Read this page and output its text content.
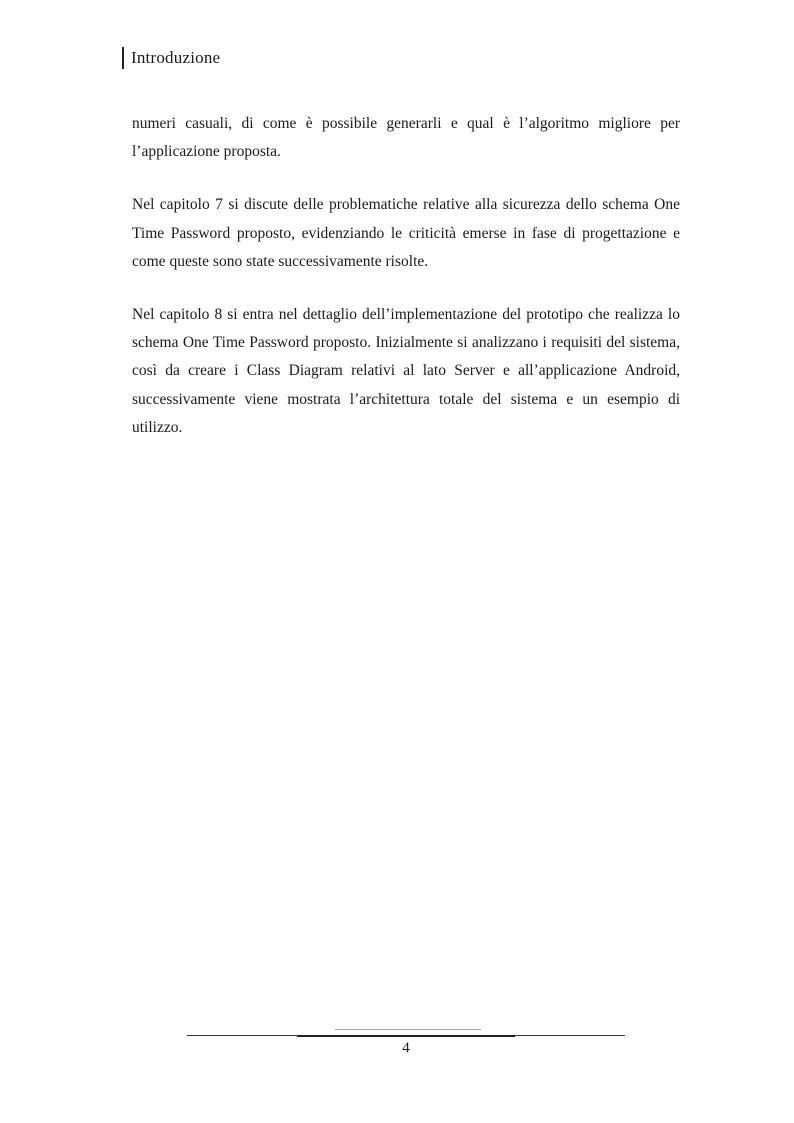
Introduzione

numeri casuali, di come è possibile generarli e qual è l’algoritmo migliore per l’applicazione proposta.

Nel capitolo 7 si discute delle problematiche relative alla sicurezza dello schema One Time Password proposto, evidenziando le criticità emerse in fase di progettazione e come queste sono state successivamente risolte.

Nel capitolo 8 si entra nel dettaglio dell’implementazione del prototipo che realizza lo schema One Time Password proposto. Inizialmente si analizzano i requisiti del sistema, così da creare i Class Diagram relativi al lato Server e all’applicazione Android, successivamente viene mostrata l’architettura totale del sistema e un esempio di utilizzo.

4
